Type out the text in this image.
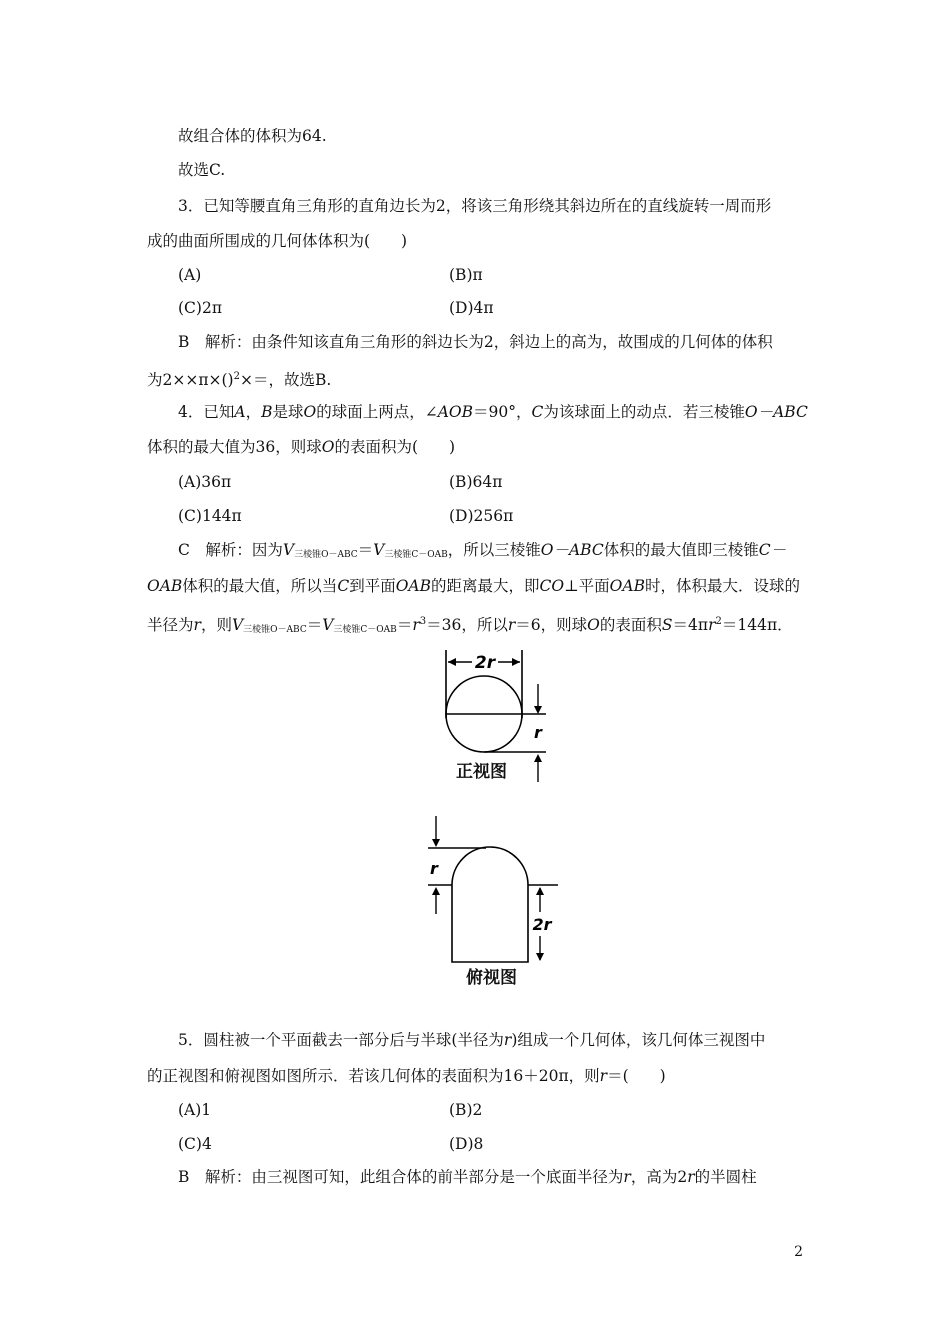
故组合体的体积为64.
故选C.
3．已知等腰直角三角形的直角边长为2，将该三角形绕其斜边所在的直线旋转一周而形
成的曲面所围成的几何体体积为(　　)
(A)	(B)π
(C)2π	(D)4π
B　解析：由条件知该直角三角形的斜边长为2，斜边上的高为，故围成的几何体的体积
为2××π×()$^2$×＝，故选B.
4．已知A，B是球O的球面上两点，∠AOB＝90°，C为该球面上的动点．若三棱锥O－ABC
体积的最大值为36，则球O的表面积为(　　)
(A)36π	(B)64π
(C)144π	(D)256π
C　解析：因为$V_{三棱锥O-ABC}=V_{三棱锥C-OAB}$，所以三棱锥O－ABC体积的最大值即三棱锥C－
OAB体积的最大值，所以当C到平面OAB的距离最大，即CO⊥平面OAB时，体积最大．设球的
半径为r，则$V_{三棱锥O-ABC}=V_{三棱锥C-OAB}=r^3=36$，所以r＝6，则球O的表面积$S=4\pi r^2=144\pi$．
2r
r
正视图
r
2r
俯视图
5．圆柱被一个平面截去一部分后与半球(半径为r)组成一个几何体，该几何体三视图中
的正视图和俯视图如图所示．若该几何体的表面积为16＋20π，则r＝(　　)
(A)1	(B)2
(C)4	(D)8
B　解析：由三视图可知，此组合体的前半部分是一个底面半径为r，高为2r的半圆柱
2
